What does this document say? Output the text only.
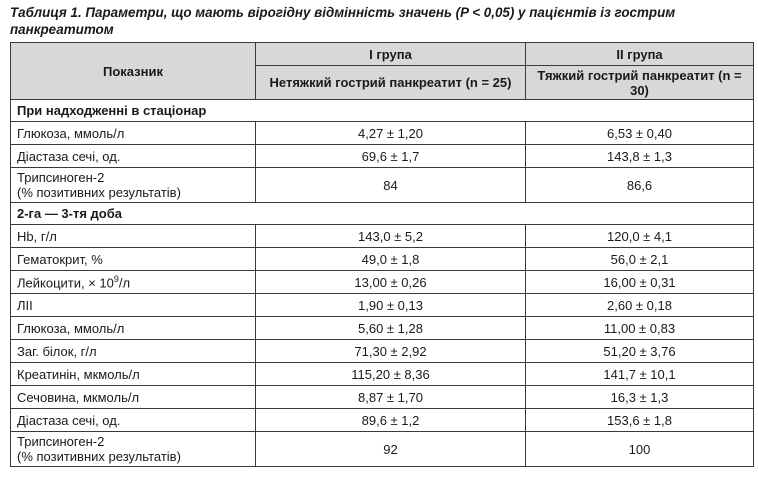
Таблиця 1. Параметри, що мають вірогідну відмінність значень (P < 0,05) у пацієнтів із гострим панкреатитом
Показник	I група	II група
	Нетяжкий гострий панкреатит (n = 25)	Тяжкий гострий панкреатит (n = 30)
При надходженні в стаціонар		
Глюкоза, ммоль/л	4,27 ± 1,20	6,53 ± 0,40
Діастаза сечі, од.	69,6 ± 1,7	143,8 ± 1,3
Трипсиноген-2
(% позитивних результатів)	84	86,6
2-га — 3-тя доба		
Hb, г/л	143,0 ± 5,2	120,0 ± 4,1
Гематокрит, %	49,0 ± 1,8	56,0 ± 2,1
Лейкоцити, × $10^9/л$	13,00 ± 0,26	16,00 ± 0,31
ЛІІ	1,90 ± 0,13	2,60 ± 0,18
Глюкоза, ммоль/л	5,60 ± 1,28	11,00 ± 0,83
Заг. білок, г/л	71,30 ± 2,92	51,20 ± 3,76
Креатинін, мкмоль/л	115,20 ± 8,36	141,7 ± 10,1
Сечовина, мкмоль/л	8,87 ± 1,70	16,3 ± 1,3
Діастаза сечі, од.	89,6 ± 1,2	153,6 ± 1,8
Трипсиноген-2
(% позитивних результатів)	92	100
